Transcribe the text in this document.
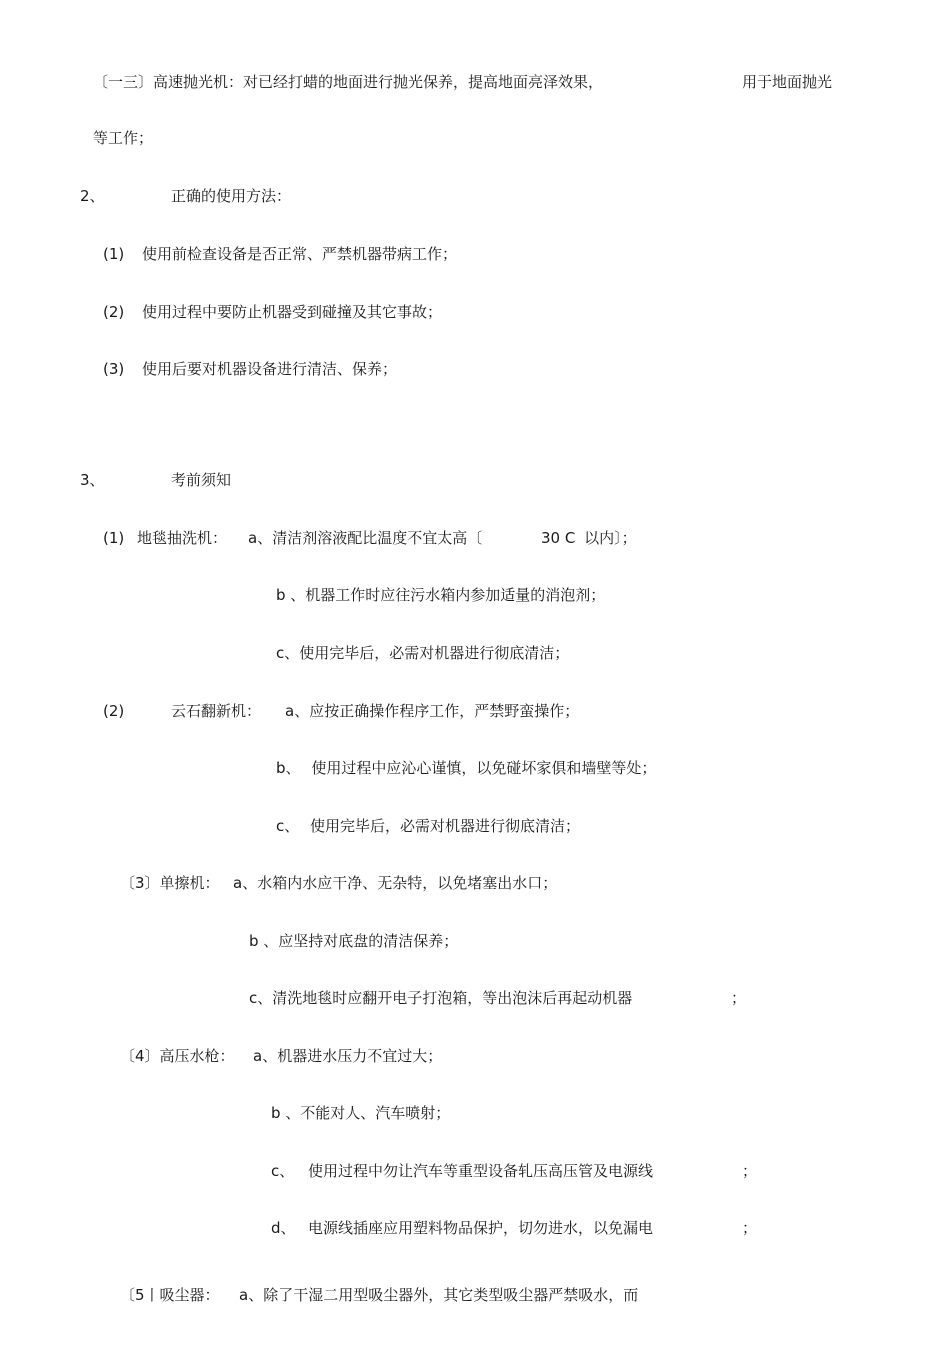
〔一三〕高速抛光机：对已经打蜡的地面进行抛光保养，提高地面亮泽效果，	用于地面抛光
等工作；
2、	正确的使用方法：
(1) 使用前检查设备是否正常、严禁机器带病工作；
(2) 使用过程中要防止机器受到碰撞及其它事故；
(3) 使用后要对机器设备进行清洁、保养；
3、	考前须知
(1) 地毯抽洗机： a、清洁剂溶液配比温度不宜太高〔	30 C 以内〕；
b 、机器工作时应往污水箱内参加适量的消泡剂；
c、使用完毕后，必需对机器进行彻底清洁；
(2)	云石翻新机： a、应按正确操作程序工作，严禁野蛮操作；
b、 使用过程中应沁心谨慎，以免碰坏家俱和墙壁等处；
c、 使用完毕后，必需对机器进行彻底清洁；
〔3〕单擦机： a、水箱内水应干净、无杂特，以免堵塞出水口；
b 、应坚持对底盘的清洁保养；
c、清洗地毯时应翻开电子打泡箱，等出泡沫后再起动机器	；
〔4〕高压水枪： a、机器进水压力不宜过大；
b 、不能对人、汽车喷射；
c、 使用过程中勿让汽车等重型设备轧压高压管及电源线	；
d、 电源线插座应用塑料物品保护，切勿进水，以免漏电	；
〔5丨吸尘器： a、除了干湿二用型吸尘器外，其它类型吸尘器严禁吸水，而
